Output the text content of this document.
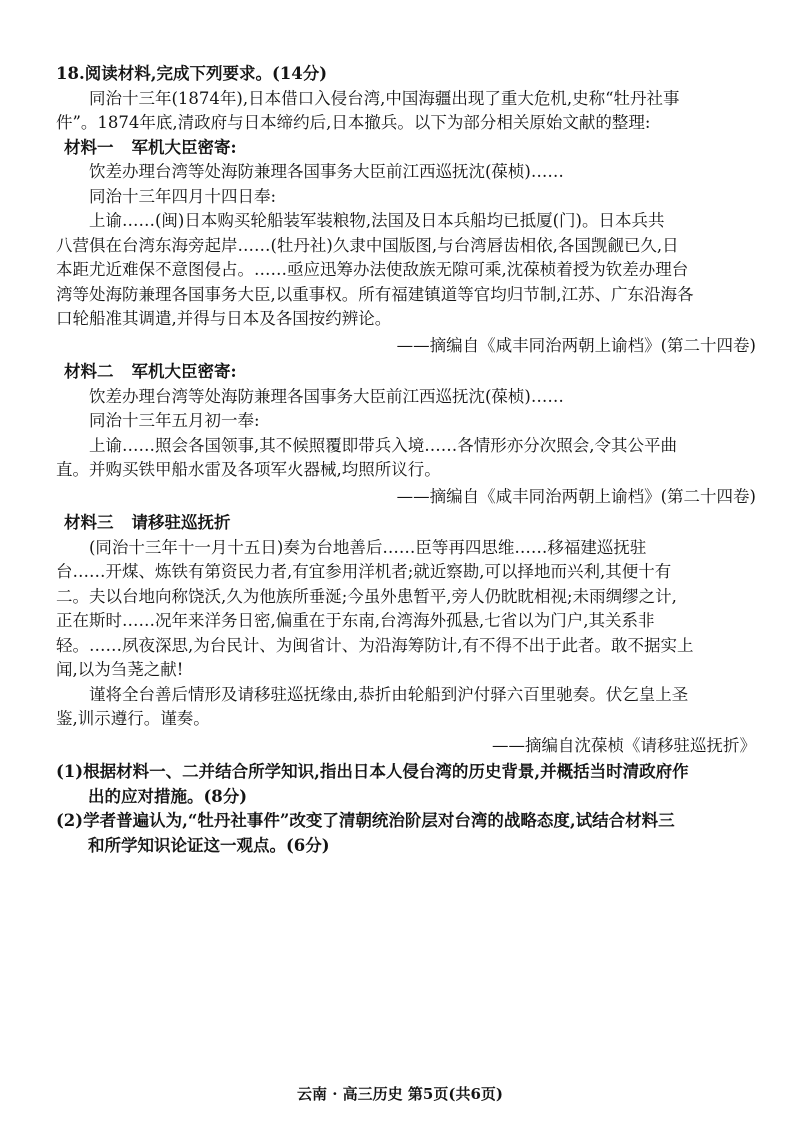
18.阅读材料,完成下列要求。(14分)
同治十三年(1874年),日本借口入侵台湾,中国海疆出现了重大危机,史称“牡丹社事
件”。1874年底,清政府与日本缔约后,日本撤兵。以下为部分相关原始文献的整理:
材料一 军机大臣密寄:
饮差办理台湾等处海防兼理各国事务大臣前江西巡抚沈(葆桢)……
同治十三年四月十四日奉:
上谕……(闽)日本购买轮船装军装粮物,法国及日本兵船均已抵厦(门)。日本兵共
八营俱在台湾东海旁起岸……(牡丹社)久隶中国版图,与台湾唇齿相依,各国觊觎已久,日
本距尤近难保不意图侵占。……亟应迅筹办法使敌族无隙可乘,沈葆桢着授为钦差办理台
湾等处海防兼理各国事务大臣,以重事权。所有福建镇道等官均归节制,江苏、广东沿海各
口轮船准其调遣,并得与日本及各国按约辨论。
——摘编自《咸丰同治两朝上谕档》(第二十四卷)
材料二 军机大臣密寄:
饮差办理台湾等处海防兼理各国事务大臣前江西巡抚沈(葆桢)……
同治十三年五月初一奉:
上谕……照会各国领事,其不候照覆即带兵入境……各情形亦分次照会,令其公平曲
直。并购买铁甲船水雷及各项军火器械,均照所议行。
——摘编自《咸丰同治两朝上谕档》(第二十四卷)
材料三 请移驻巡抚折
(同治十三年十一月十五日)奏为台地善后……臣等再四思维……移福建巡抚驻
台……开煤、炼铁有第资民力者,有宜参用洋机者;就近察勘,可以择地而兴利,其便十有
二。夫以台地向称饶沃,久为他族所垂涎;今虽外患暂平,旁人仍眈眈相视;未雨绸缪之计,
正在斯时……况年来洋务日密,偏重在于东南,台湾海外孤悬,七省以为门户,其关系非
轻。……夙夜深思,为台民计、为闽省计、为沿海筹防计,有不得不出于此者。敢不据实上
闻,以为刍荛之献!
谨将全台善后情形及请移驻巡抚缘由,恭折由轮船到沪付驿六百里驰奏。伏乞皇上圣
鉴,训示遵行。谨奏。
——摘编自沈葆桢《请移驻巡抚折》
(1)根据材料一、二并结合所学知识,指出日本人侵台湾的历史背景,并概括当时清政府作
出的应对措施。(8分)
(2)学者普遍认为,“牡丹社事件”改变了清朝统治阶层对台湾的战略态度,试结合材料三
和所学知识论证这一观点。(6分)
云南 · 高三历史 第5页(共6页)
